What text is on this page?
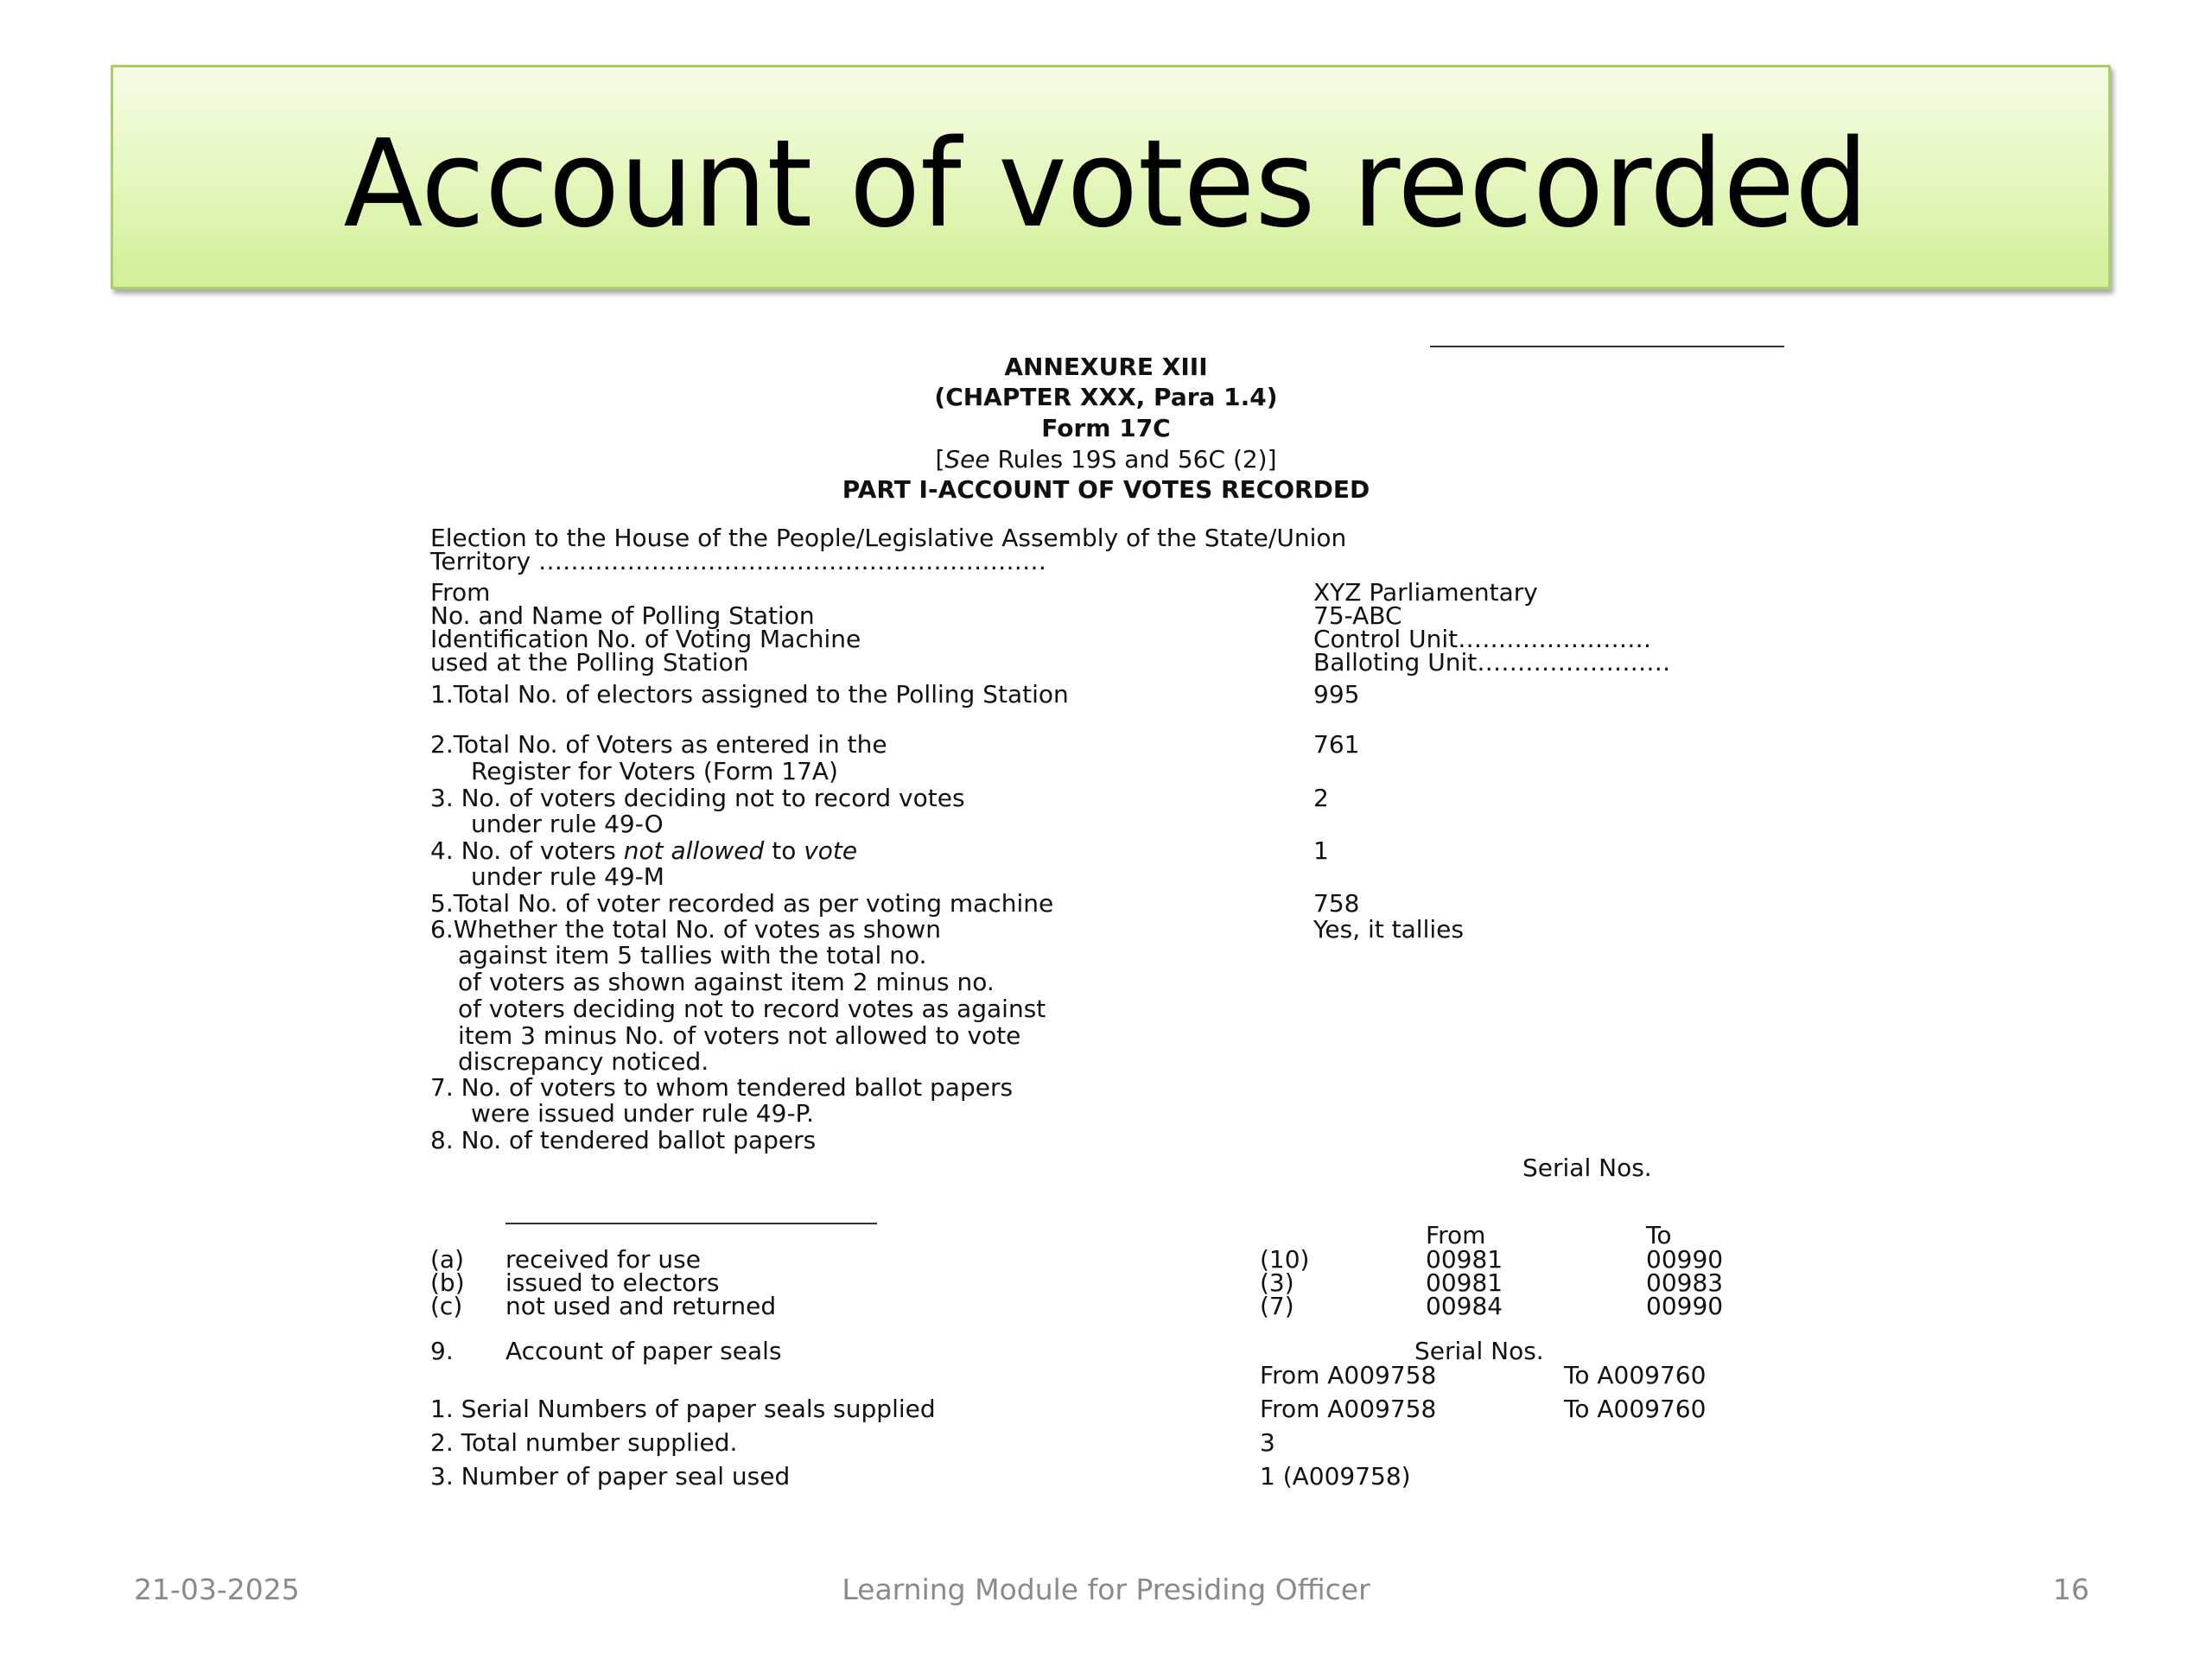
Account of votes recorded
ANNEXURE XIII
(CHAPTER XXX, Para 1.4)
Form 17C
[See Rules 19S and 56C (2)]
PART I-ACCOUNT OF VOTES RECORDED
Election to the House of the People/Legislative Assembly of the State/Union
Territory ………………………………………………………
From	XYZ Parliamentary
No. and Name of Polling Station	75-ABC
Identification No. of Voting Machine	Control Unit……………………
used at the Polling Station	Balloting Unit……………………
1.Total No. of electors assigned to the Polling Station	995
2.Total No. of Voters as entered in the	761
Register for Voters (Form 17A)
3. No. of voters deciding not to record votes	2
under rule 49-O
4. No. of voters not allowed to vote	1
under rule 49-M
5.Total No. of voter recorded as per voting machine	758
6.Whether the total No. of votes as shown	Yes, it tallies
against item 5 tallies with the total no.
of voters as shown against item 2 minus no.
of voters deciding not to record votes as against
item 3 minus No. of voters not allowed to vote
discrepancy noticed.
7. No. of voters to whom tendered ballot papers
were issued under rule 49-P.
8. No. of tendered ballot papers
Serial Nos.
From	To
(a) received for use	(10)	00981	00990
(b) issued to electors	(3)	00981	00983
(c) not used and returned	(7)	00984	00990
9. Account of paper seals	Serial Nos.
From A009758	To A009760
1. Serial Numbers of paper seals supplied	From A009758	To A009760
2. Total number supplied.	3
3. Number of paper seal used	1 (A009758)
21-03-2025	Learning Module for Presiding Officer	16
